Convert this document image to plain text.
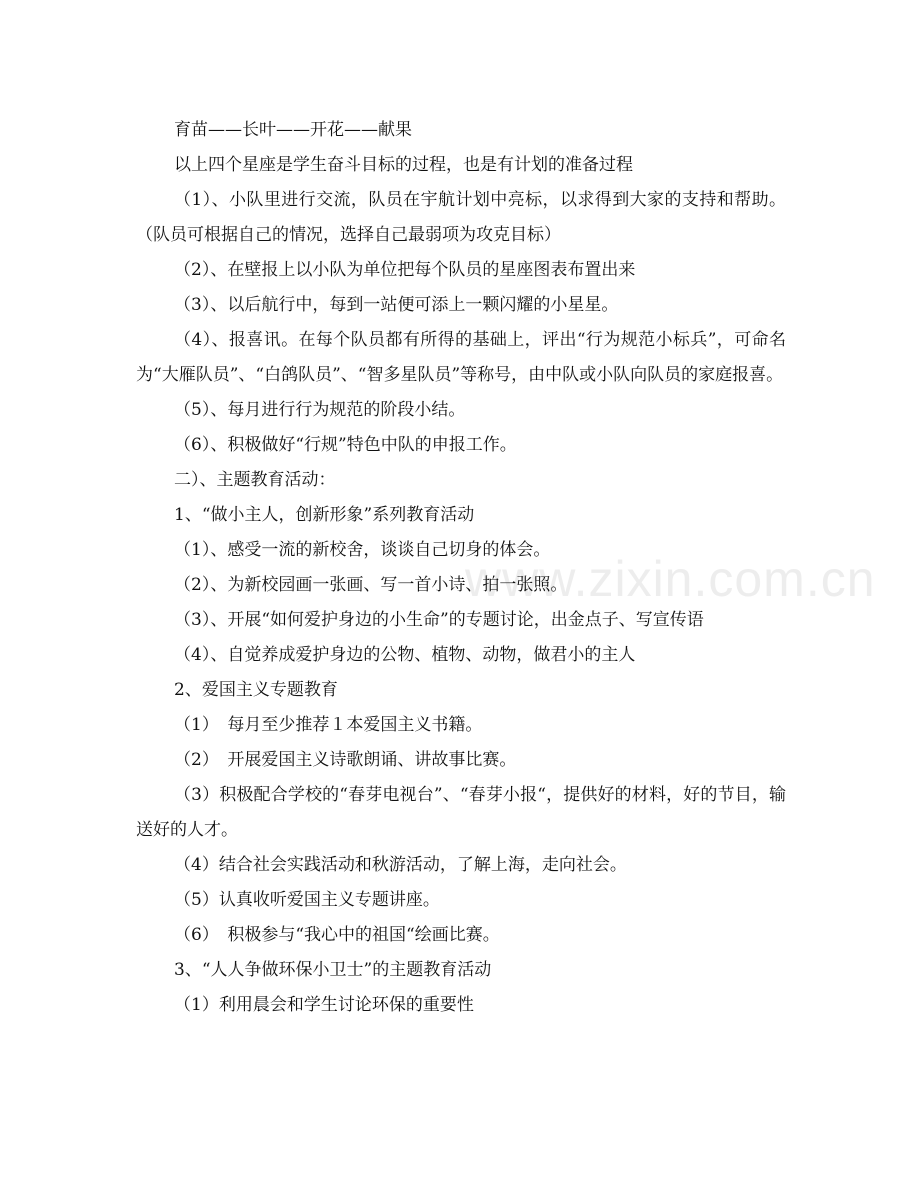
www.zixin.com.cn

育苗——长叶——开花——献果

以上四个星座是学生奋斗目标的过程，也是有计划的准备过程

（1）、小队里进行交流，队员在宇航计划中亮标，以求得到大家的支持和帮助。（队员可根据自己的情况，选择自己最弱项为攻克目标）

（2）、在壁报上以小队为单位把每个队员的星座图表布置出来

（3）、以后航行中，每到一站便可添上一颗闪耀的小星星。

（4）、报喜讯。在每个队员都有所得的基础上，评出“行为规范小标兵”，可命名为“大雁队员”、“白鸽队员”、“智多星队员”等称号，由中队或小队向队员的家庭报喜。

（5）、每月进行行为规范的阶段小结。

（6）、积极做好“行规”特色中队的申报工作。

二）、主题教育活动：

1、“做小主人，创新形象”系列教育活动

（1）、感受一流的新校舍，谈谈自己切身的体会。

（2）、为新校园画一张画、写一首小诗、拍一张照。

（3）、开展“如何爱护身边的小生命”的专题讨论，出金点子、写宣传语

（4）、自觉养成爱护身边的公物、植物、动物，做君小的主人

2、爱国主义专题教育

（1）　每月至少推荐１本爱国主义书籍。

（2）　开展爱国主义诗歌朗诵、讲故事比赛。

（3）积极配合学校的“春芽电视台”、“春芽小报“，提供好的材料，好的节目，输送好的人才。

（4）结合社会实践活动和秋游活动，了解上海，走向社会。

（5）认真收听爱国主义专题讲座。

（6）　积极参与“我心中的祖国“绘画比赛。

3、“人人争做环保小卫士”的主题教育活动

（1）利用晨会和学生讨论环保的重要性
